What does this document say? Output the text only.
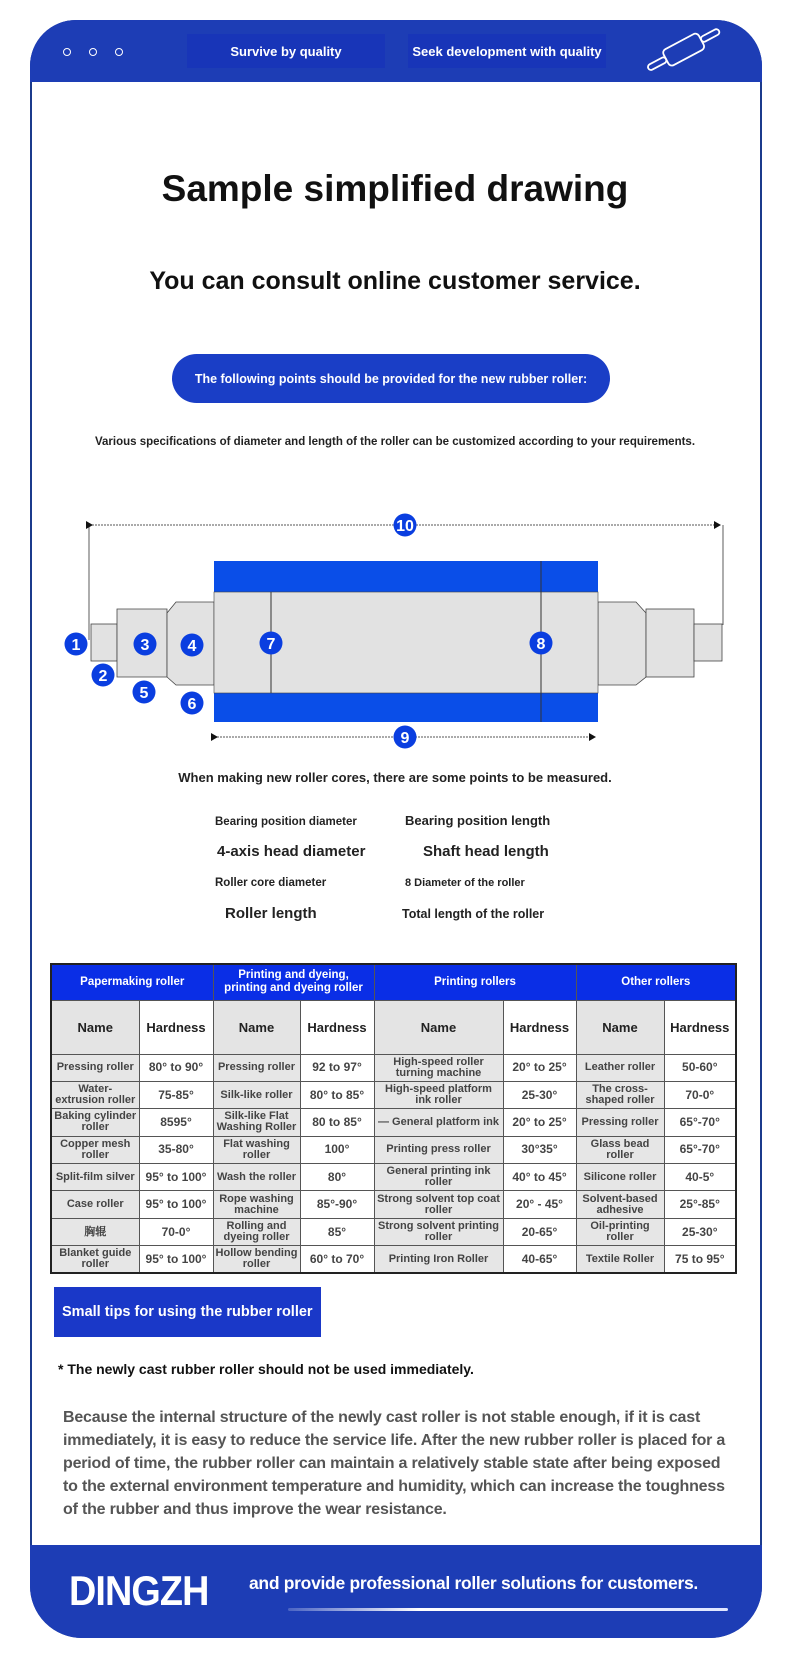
Survive by quality	Seek development with quality
Sample simplified drawing
You can consult online customer service.
The following points should be provided for the new rubber roller:
Various specifications of diameter and length of the roller can be customized according to your requirements.
1
2
3 4
5
6
7	8
9
10
When making new roller cores, there are some points to be measured.
Bearing position diameter	Bearing position length
4-axis head diameter	Shaft head length
Roller core diameter	8 Diameter of the roller
Roller length	Total length of the roller
Papermaking roller		Printing and dyeing, printing and dyeing roller		Printing rollers		Other rollers	
Name	Hardness	Name	Hardness	Name	Hardness	Name	Hardness
Pressing roller	80° to 90°	Pressing roller	92 to 97°	High-speed roller turning machine	20° to 25°	Leather roller	50-60°
Water-extrusion roller	75-85°	Silk-like roller	80° to 85°	High-speed platform ink roller	25-30°	The cross-shaped roller	70-0°
Baking cylinder roller	8595°	Silk-like Flat Washing Roller	80 to 85°	— General platform ink	20° to 25°	Pressing roller	65°-70°
Copper mesh roller	35-80°	Flat washing roller	100°	Printing press roller	30°35°	Glass bead roller	65°-70°
Split-film silver	95° to 100°	Wash the roller	80°	General printing ink roller	40° to 45°	Silicone roller	40-5°
Case roller	95° to 100°	Rope washing machine	85°-90°	Strong solvent top coat roller	20° - 45°	Solvent-based adhesive	25°-85°
胸辊	70-0°	Rolling and dyeing roller	85°	Strong solvent printing roller	20-65°	Oil-printing roller	25-30°
Blanket guide roller	95° to 100°	Hollow bending roller	60° to 70°	Printing Iron Roller	40-65°	Textile Roller	75 to 95°
Small tips for using the rubber roller
* The newly cast rubber roller should not be used immediately.
Because the internal structure of the newly cast roller is not stable enough, if it is cast immediately, it is easy to reduce the service life. After the new rubber roller is placed for a period of time, the rubber roller can maintain a relatively stable state after being exposed to the external environment temperature and humidity, which can increase the toughness of the rubber and thus improve the wear resistance.
DINGZH and provide professional roller solutions for customers.
